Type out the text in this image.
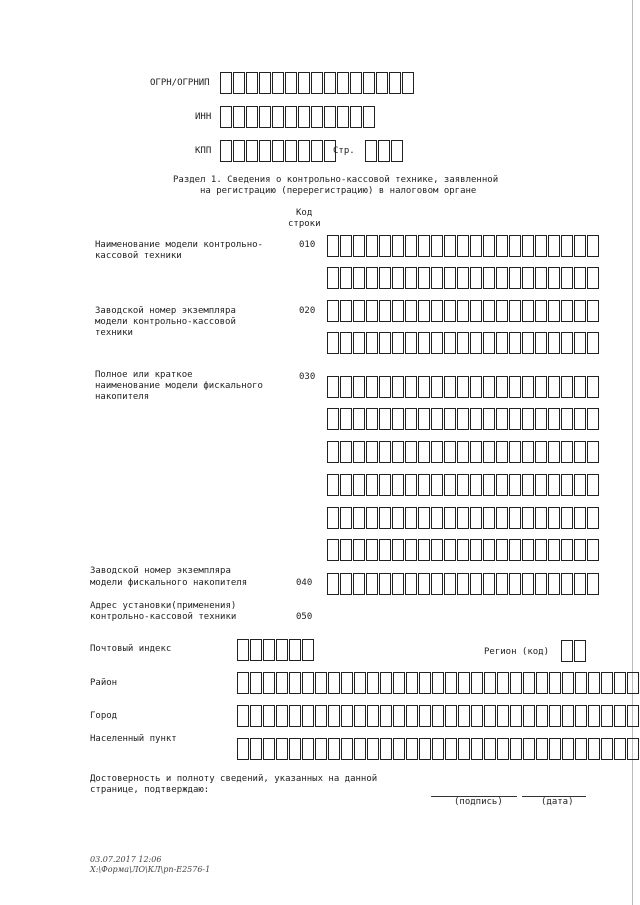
ОГРН/ОГРНИП
ИНН
КПП	Стр.
Раздел 1. Сведения о контрольно-кассовой технике, заявленной
на регистрацию (перерегистрацию) в налоговом органе
Код
строки
Наименование модели контрольно-
кассовой техники
010
Заводской номер экземпляра
модели контрольно-кассовой
техники
020
Полное или краткое
наименование модели фискального
накопителя
030
Заводской номер экземпляра
модели фискального накопителя	040
Адрес установки(применения)
контрольно-кассовой техники	050
Почтовый индекс	Регион (код)
Район
Город
Населенный пункт
Достоверность и полноту сведений, указанных на данной
странице, подтверждаю:
(подпись)	(дата)
03.07.2017 12:06
Х:\Форма\ЛО\КЛ\рп-Е2576-1
